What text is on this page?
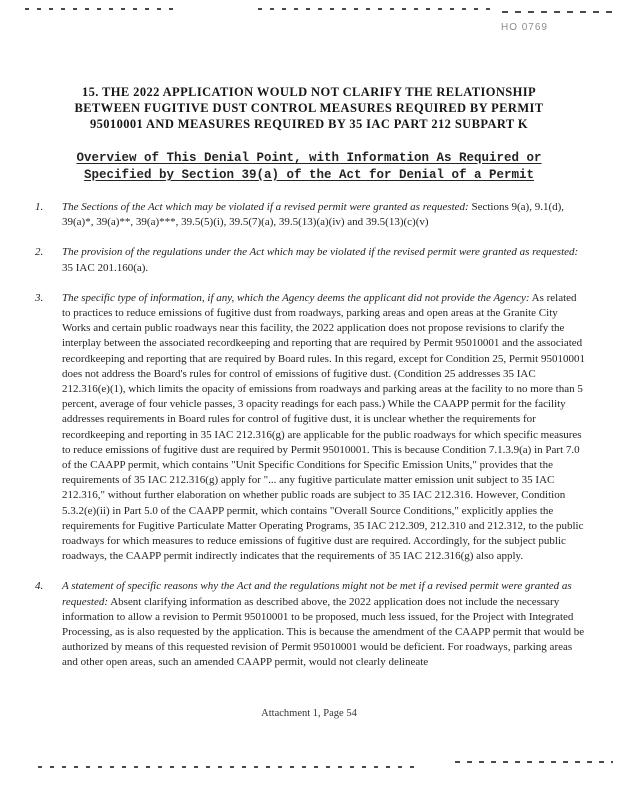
HO 0769
15. THE 2022 APPLICATION WOULD NOT CLARIFY THE RELATIONSHIP
BETWEEN FUGITIVE DUST CONTROL MEASURES REQUIRED BY PERMIT
95010001 AND MEASURES REQUIRED BY 35 IAC PART 212 SUBPART K
Overview of This Denial Point, with Information As Required or
Specified by Section 39(a) of the Act for Denial of a Permit
1.	The Sections of the Act which may be violated if a revised permit were granted as requested: Sections 9(a), 9.1(d), 39(a)*, 39(a)**, 39(a)***, 39.5(5)(i), 39.5(7)(a), 39.5(13)(a)(iv) and 39.5(13)(c)(v)
2.	The provision of the regulations under the Act which may be violated if the revised permit were granted as requested: 35 IAC 201.160(a).
3.	The specific type of information, if any, which the Agency deems the applicant did not provide the Agency: As related to practices to reduce emissions of fugitive dust from roadways, parking areas and open areas at the Granite City Works and certain public roadways near this facility, the 2022 application does not propose revisions to clarify the interplay between the associated recordkeeping and reporting that are required by Permit 95010001 and the associated recordkeeping and reporting that are required by Board rules. In this regard, except for Condition 25, Permit 95010001 does not address the Board's rules for control of emissions of fugitive dust. (Condition 25 addresses 35 IAC 212.316(e)(1), which limits the opacity of emissions from roadways and parking areas at the facility to no more than 5 percent, average of four vehicle passes, 3 opacity readings for each pass.) While the CAAPP permit for the facility addresses requirements in Board rules for control of fugitive dust, it is unclear whether the requirements for recordkeeping and reporting in 35 IAC 212.316(g) are applicable for the public roadways for which specific measures to reduce emissions of fugitive dust are required by Permit 95010001. This is because Condition 7.1.3.9(a) in Part 7.0 of the CAAPP permit, which contains "Unit Specific Conditions for Specific Emission Units," provides that the requirements of 35 IAC 212.316(g) apply for "... any fugitive particulate matter emission unit subject to 35 IAC 212.316," without further elaboration on whether public roads are subject to 35 IAC 212.316. However, Condition 5.3.2(e)(ii) in Part 5.0 of the CAAPP permit, which contains "Overall Source Conditions," explicitly applies the requirements for Fugitive Particulate Matter Operating Programs, 35 IAC 212.309, 212.310 and 212.312, to the public roadways for which measures to reduce emissions of fugitive dust are required. Accordingly, for the subject public roadways, the CAAPP permit indirectly indicates that the requirements of 35 IAC 212.316(g) also apply.
4.	A statement of specific reasons why the Act and the regulations might not be met if a revised permit were granted as requested: Absent clarifying information as described above, the 2022 application does not include the necessary information to allow a revision to Permit 95010001 to be proposed, much less issued, for the Project with Integrated Processing, as is also requested by the application. This is because the amendment of the CAAPP permit that would be authorized by means of this requested revision of Permit 95010001 would be deficient. For roadways, parking areas and other open areas, such an amended CAAPP permit, would not clearly delineate
Attachment 1, Page 54
